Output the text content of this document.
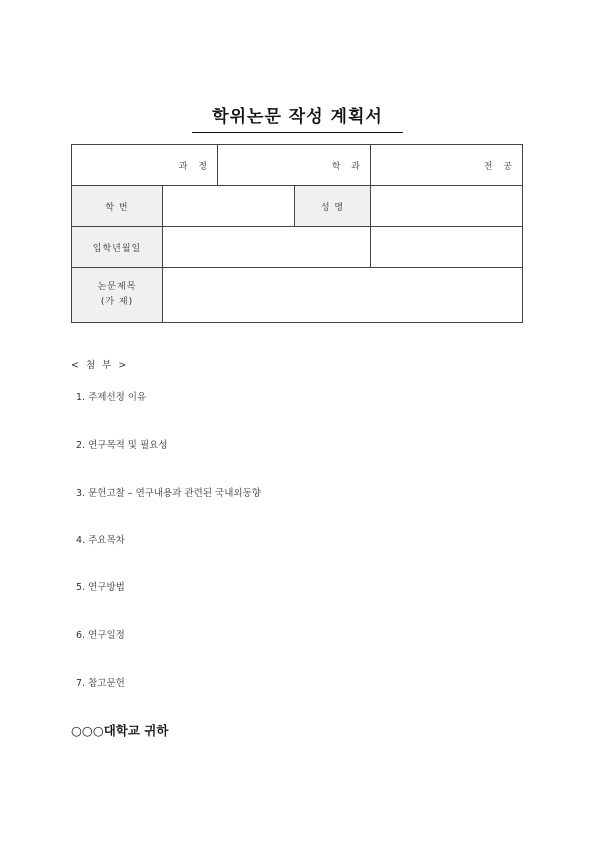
학위논문 작성 계획서
과 정		학 과		전 공
학 번			성 명	
입학년월일				

논문제목
(가 제)				

< 첨 부 >
1. 주제선정 이유
2. 연구목적 및 필요성
3. 문헌고찰 – 연구내용과 관련된 국내외동향
4. 주요목차
5. 연구방법
6. 연구일정
7. 참고문헌
○○○대학교 귀하
